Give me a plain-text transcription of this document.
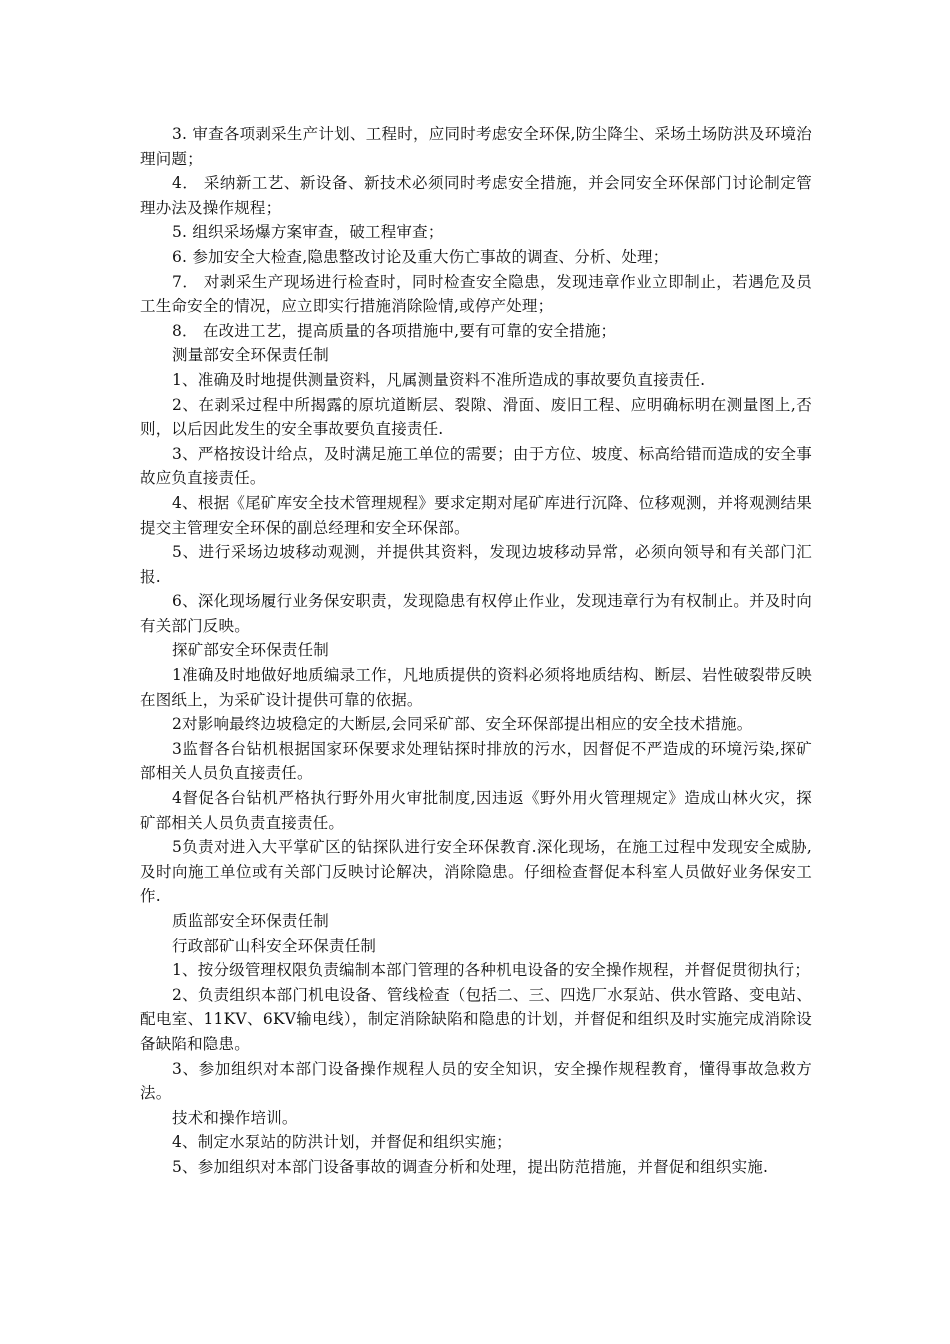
3. 审查各项剥采生产计划、工程时，应同时考虑安全环保,防尘降尘、采场土场防洪及环境治理问题；

4． 采纳新工艺、新设备、新技术必须同时考虑安全措施，并会同安全环保部门讨论制定管理办法及操作规程；

5. 组织采场爆方案审查，破工程审查；

6. 参加安全大检查,隐患整改讨论及重大伤亡事故的调查、分析、处理；

7． 对剥采生产现场进行检查时，同时检查安全隐患，发现违章作业立即制止，若遇危及员工生命安全的情况，应立即实行措施消除险情,或停产处理；

8． 在改进工艺，提高质量的各项措施中,要有可靠的安全措施；

测量部安全环保责任制

1、准确及时地提供测量资料，凡属测量资料不准所造成的事故要负直接责任.

2、在剥采过程中所揭露的原坑道断层、裂隙、滑面、废旧工程、应明确标明在测量图上,否则，以后因此发生的安全事故要负直接责任.

3、严格按设计给点，及时满足施工单位的需要；由于方位、坡度、标高给错而造成的安全事故应负直接责任。

4、根据《尾矿库安全技术管理规程》要求定期对尾矿库进行沉降、位移观测，并将观测结果提交主管理安全环保的副总经理和安全环保部。

5、进行采场边坡移动观测，并提供其资料，发现边坡移动异常，必须向领导和有关部门汇报.

6、深化现场履行业务保安职责，发现隐患有权停止作业，发现违章行为有权制止。并及时向有关部门反映。

探矿部安全环保责任制

1准确及时地做好地质编录工作，凡地质提供的资料必须将地质结构、断层、岩性破裂带反映在图纸上，为采矿设计提供可靠的依据。

2对影响最终边坡稳定的大断层,会同采矿部、安全环保部提出相应的安全技术措施。

3监督各台钻机根据国家环保要求处理钻探时排放的污水，因督促不严造成的环境污染,探矿部相关人员负直接责任。

4督促各台钻机严格执行野外用火审批制度,因违返《野外用火管理规定》造成山林火灾，探矿部相关人员负责直接责任。

5负责对进入大平掌矿区的钻探队进行安全环保教育.深化现场，在施工过程中发现安全威胁,及时向施工单位或有关部门反映讨论解决，消除隐患。仔细检查督促本科室人员做好业务保安工作.

质监部安全环保责任制

行政部矿山科安全环保责任制

1、按分级管理权限负责编制本部门管理的各种机电设备的安全操作规程，并督促贯彻执行；

2、负责组织本部门机电设备、管线检查（包括二、三、四选厂水泵站、供水管路、变电站、配电室、11KV、6KV输电线），制定消除缺陷和隐患的计划，并督促和组织及时实施完成消除设备缺陷和隐患。

3、参加组织对本部门设备操作规程人员的安全知识，安全操作规程教育，懂得事故急救方法。

技术和操作培训。

4、制定水泵站的防洪计划，并督促和组织实施；

5、参加组织对本部门设备事故的调查分析和处理，提出防范措施，并督促和组织实施.
